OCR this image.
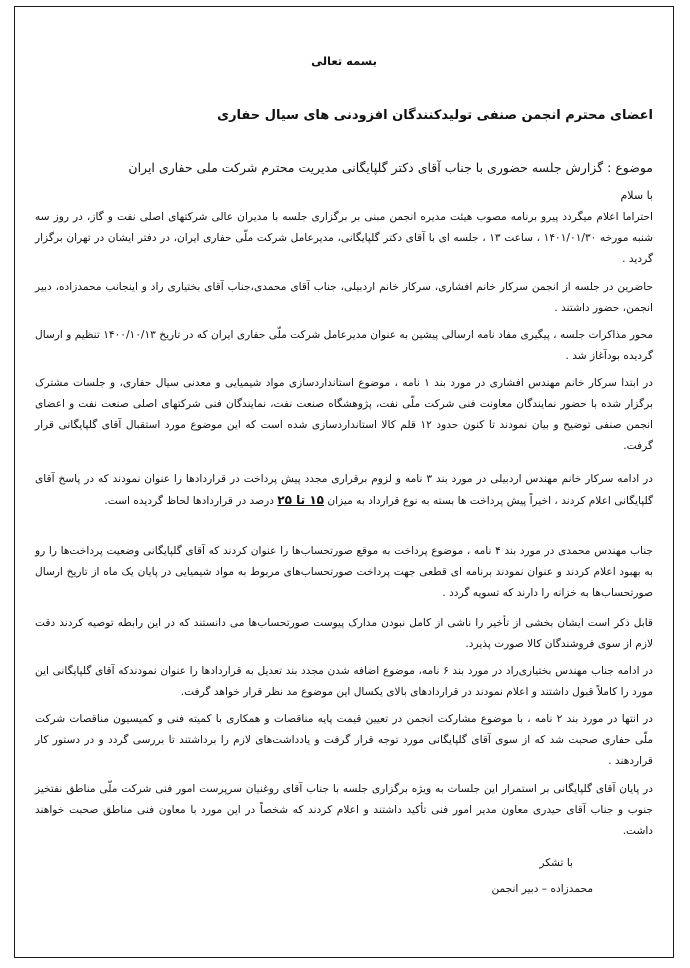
بسمه تعالی
اعضای محترم انجمن صنفی تولیدکنندگان افزودنی های سیال حفاری
موضوع : گزارش جلسه حضوری با جناب آقای دکتر گلپایگانی مدیریت محترم شرکت ملی حفاری ایران
با سلام
احتراما اعلام میگردد پیرو برنامه مصوب هیئت مدیره انجمن مبنی بر برگزاری جلسه با مدیران عالی شرکتهای اصلی نفت و گاز، در روز سه شنبه مورخه ۱۴۰۱/۰۱/۳۰ ، ساعت ۱۳ ، جلسه ای با آقای دکتر گلپایگانی، مدیرعامل شرکت ملّی حفاری ایران، در دفتر ایشان در تهران برگزار گردید .
حاضرین در جلسه از انجمن سرکار خانم افشاری، سرکار خانم اردبیلی، جناب آقای محمدی،جناب آقای بختیاری راد و اینجانب محمدزاده، دبیر انجمن، حضور داشتند .
محور مذاکرات جلسه ، پیگیری مفاد نامه ارسالی پیشین به عنوان مدیرعامل شرکت ملّی حفاری ایران که در تاریخ ۱۴۰۰/۱۰/۱۳ تنظیم و ارسال گردیده بودآغاز شد .
در ابتدا سرکار خانم مهندس افشاری در مورد بند ۱ نامه ، موضوع استانداردسازی مواد شیمیایی و معدنی سیال حفاری، و جلسات مشترک برگزار شده با حضور نمایندگان معاونت فنی شرکت ملّی نفت، پژوهشگاه صنعت نفت، نمایندگان فنی شرکتهای اصلی صنعت نفت و اعضای انجمن صنفی توضیح و بیان نمودند تا کنون حدود ۱۲ قلم کالا استانداردسازی شده است که این موضوع مورد استقبال آقای گلپایگانی قرار گرفت.
در ادامه سرکار خانم مهندس اردبیلی در مورد بند ۳ نامه و لزوم برقراری مجدد پیش پرداخت در قراردادها را عنوان نمودند که در پاسخ آقای گلپایگانی اعلام کردند ، اخیراً پیش پرداخت ها بسته به نوع قرارداد به میزان ۱۵ تا ۲۵ درصد در قراردادها لحاظ گردیده است.
جناب مهندس محمدی در مورد بند ۴ نامه ، موضوع پرداخت به موقع صورتحساب‌ها را عنوان کردند که آقای گلپایگانی وضعیت پرداخت‌ها را رو به بهبود اعلام کردند و عنوان نمودند برنامه ای قطعی جهت پرداخت صورتحساب‌های مربوط به مواد شیمیایی در پایان یک ماه از تاریخ ارسال صورتحساب‌ها به خزانه را دارند که تسویه گردد .
قابل ذکر است ایشان بخشی از تأخیر را ناشی از کامل نبودن مدارک پیوست صورتحساب‌ها می دانستند که در این رابطه توصیه کردند دقت لازم از سوی فروشندگان کالا صورت پذیرد.
در ادامه جناب مهندس بختیاری‌راد در مورد بند ۶ نامه، موضوع اضافه شدن مجدد بند تعدیل به قراردادها را عنوان نمودندکه آقای گلپایگانی این مورد را کاملاً قبول داشتند و اعلام نمودند در قراردادهای بالای یکسال این موضوع مد نظر قرار خواهد گرفت.
در انتها در مورد بند ۲ نامه ، با موضوع مشارکت انجمن در تعیین قیمت پایه مناقصات و همکاری با کمیته فنی و کمیسیون مناقصات شرکت ملّی حفاری صحبت شد که از سوی آقای گلپایگانی مورد توجه قرار گرفت و یادداشت‌های لازم را برداشتند تا بررسی گردد و در دستور کار قراردهند .
در پایان آقای گلپایگانی بر استمرار این جلسات به ویژه برگزاری جلسه با جناب آقای روغنیان سرپرست امور فنی شرکت ملّی مناطق نفتخیز جنوب و جناب آقای حیدری معاون مدیر امور فنی تأکید داشتند و اعلام کردند که شخصاً در این مورد با معاون فنی مناطق صحبت خواهند داشت.
با تشکر
محمدزاده – دبیر انجمن
